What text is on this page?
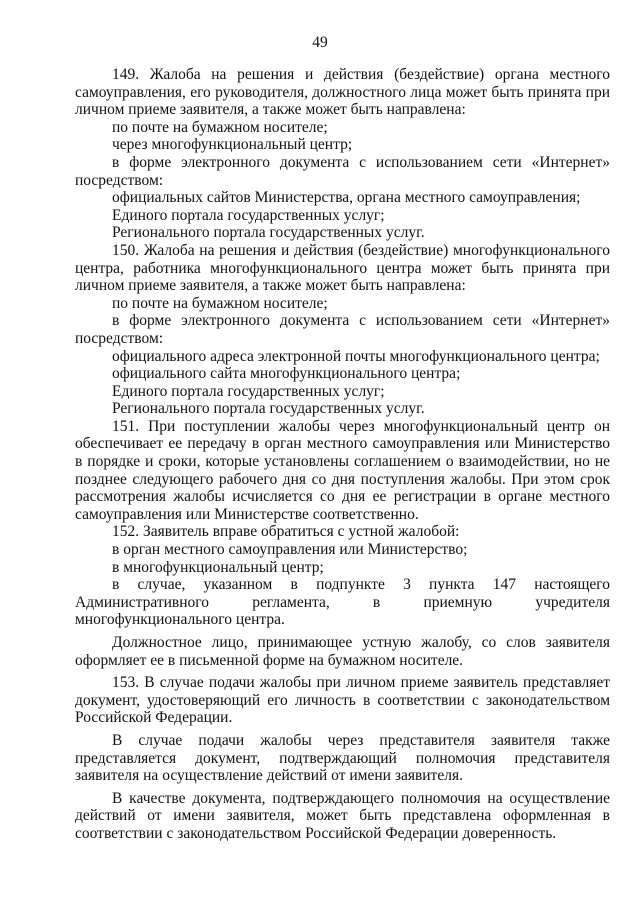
49

149. Жалоба на решения и действия (бездействие) органа местного самоуправления, его руководителя, должностного лица может быть принята при личном приеме заявителя, а также может быть направлена:

по почте на бумажном носителе;

через многофункциональный центр;

в форме электронного документа с использованием сети «Интернет» посредством:

официальных сайтов Министерства, органа местного самоуправления;

Единого портала государственных услуг;

Регионального портала государственных услуг.

150. Жалоба на решения и действия (бездействие) многофункционального центра, работника многофункционального центра может быть принята при личном приеме заявителя, а также может быть направлена:

по почте на бумажном носителе;

в форме электронного документа с использованием сети «Интернет» посредством:

официального адреса электронной почты многофункционального центра;

официального сайта многофункционального центра;

Единого портала государственных услуг;

Регионального портала государственных услуг.

151. При поступлении жалобы через многофункциональный центр он обеспечивает ее передачу в орган местного самоуправления или Министерство в порядке и сроки, которые установлены соглашением о взаимодействии, но не позднее следующего рабочего дня со дня поступления жалобы. При этом срок рассмотрения жалобы исчисляется со дня ее регистрации в органе местного самоуправления или Министерстве соответственно.

152. Заявитель вправе обратиться с устной жалобой:

в орган местного самоуправления или Министерство;

в многофункциональный центр;

в случае, указанном в подпункте 3 пункта 147 настоящего Административного регламента, в приемную учредителя многофункционального центра.

Должностное лицо, принимающее устную жалобу, со слов заявителя оформляет ее в письменной форме на бумажном носителе.

153. В случае подачи жалобы при личном приеме заявитель представляет документ, удостоверяющий его личность в соответствии с законодательством Российской Федерации.

В случае подачи жалобы через представителя заявителя также представляется документ, подтверждающий полномочия представителя заявителя на осуществление действий от имени заявителя.

В качестве документа, подтверждающего полномочия на осуществление действий от имени заявителя, может быть представлена оформленная в соответствии с законодательством Российской Федерации доверенность.
